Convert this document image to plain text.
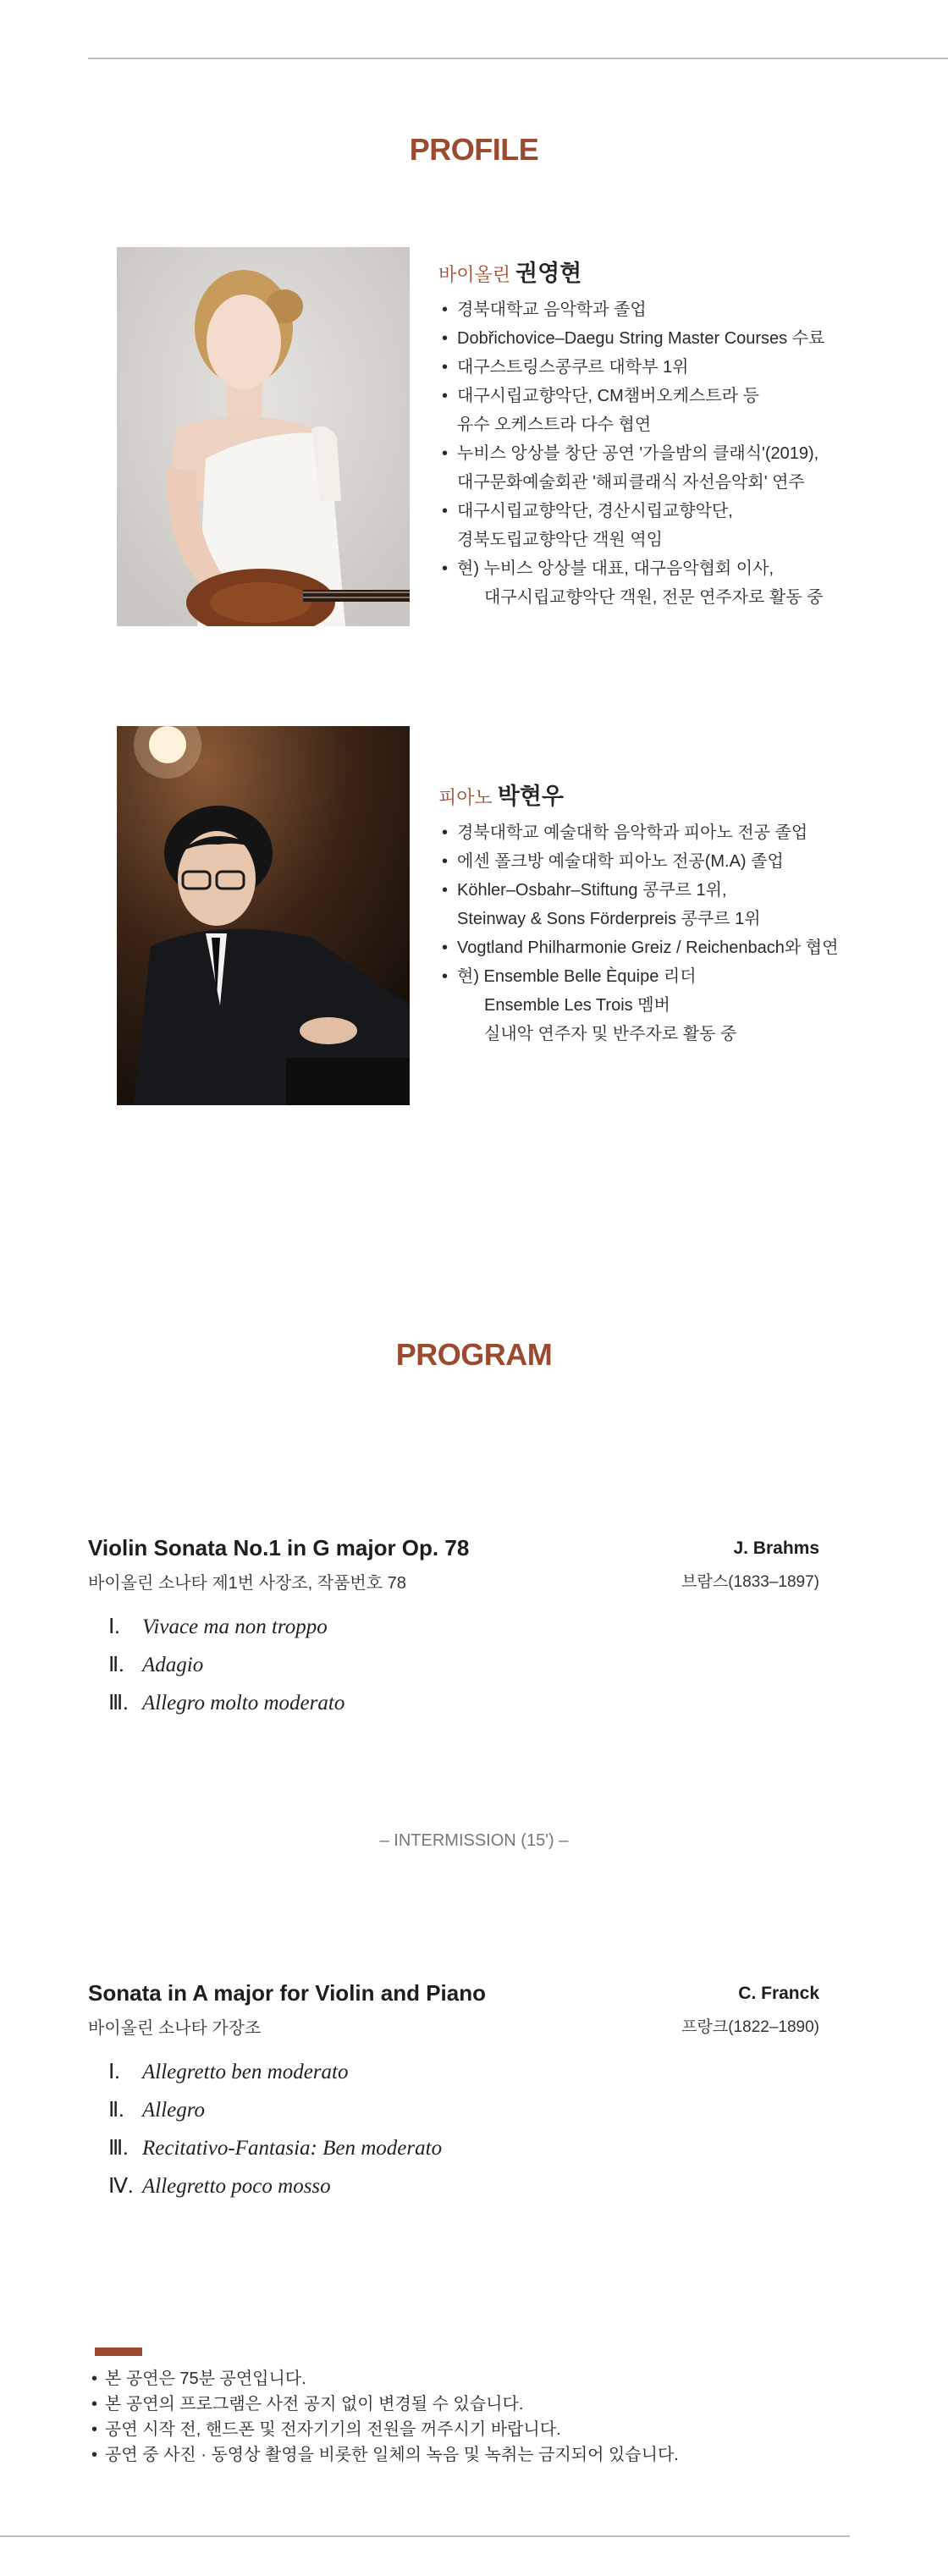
PROFILE
바이올린 권영현
• 경북대학교 음악학과 졸업
• Dobřichovice–Daegu String Master Courses 수료
• 대구스트링스콩쿠르 대학부 1위
• 대구시립교향악단, CM챔버오케스트라 등
유수 오케스트라 다수 협연
• 누비스 앙상블 창단 공연 '가을밤의 클래식'(2019),
대구문화예술회관 '해피클래식 자선음악회' 연주
• 대구시립교향악단, 경산시립교향악단,
경북도립교향악단 객원 역임
• 현) 누비스 앙상블 대표, 대구음악협회 이사,
대구시립교향악단 객원, 전문 연주자로 활동 중
피아노 박현우
• 경북대학교 예술대학 음악학과 피아노 전공 졸업
• 에센 폴크방 예술대학 피아노 전공(M.A) 졸업
• Köhler–Osbahr–Stiftung 콩쿠르 1위,
Steinway & Sons Förderpreis 콩쿠르 1위
• Vogtland Philharmonie Greiz / Reichenbach와 협연
• 현) Ensemble Belle Èquipe 리더
Ensemble Les Trois 멤버
실내악 연주자 및 반주자로 활동 중
PROGRAM
Violin Sonata No.1 in G major Op. 78	J. Brahms
바이올린 소나타 제1번 사장조, 작품번호 78	브람스(1833–1897)
Ⅰ. Vivace ma non troppo
Ⅱ. Adagio
Ⅲ. Allegro molto moderato
– INTERMISSION (15') –
Sonata in A major for Violin and Piano	C. Franck
바이올린 소나타 가장조	프랑크(1822–1890)
Ⅰ. Allegretto ben moderato
Ⅱ. Allegro
Ⅲ. Recitativo-Fantasia: Ben moderato
Ⅳ. Allegretto poco mosso
• 본 공연은 75분 공연입니다.
• 본 공연의 프로그램은 사전 공지 없이 변경될 수 있습니다.
• 공연 시작 전, 핸드폰 및 전자기기의 전원을 꺼주시기 바랍니다.
• 공연 중 사진 · 동영상 촬영을 비롯한 일체의 녹음 및 녹취는 금지되어 있습니다.
